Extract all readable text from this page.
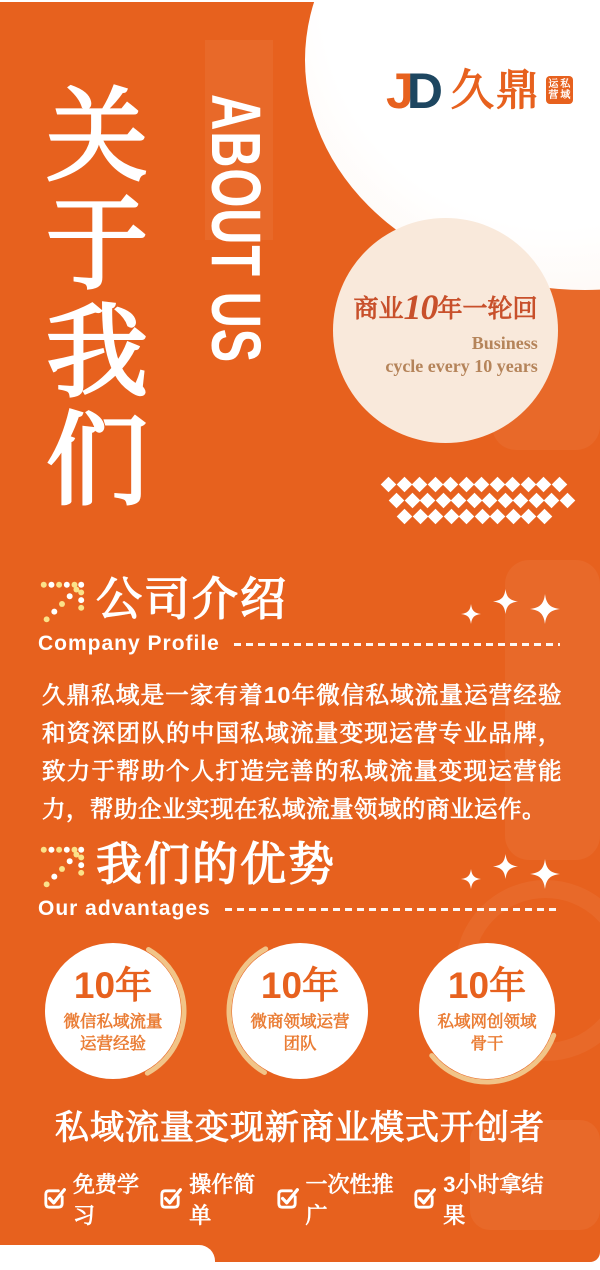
J
D 久鼎 私域
运营
关于我们 ABOUT US	商业10年一轮回
Business
cycle every 10 years
公司介绍
Company Profile
久鼎私域是一家有着10年微信私域流量运营经验和资深团队的中国私域流量变现运营专业品牌，致力于帮助个人打造完善的私域流量变现运营能力，帮助企业实现在私域流量领域的商业运作。
我们的优势
Our advantages
10年
微信私域流量
运营经验
10年
微商领域运营
团队
10年
私域网创领域
骨干
私域流量变现新商业模式开创者
免费学习
操作简单
一次性推广
3小时拿结果
